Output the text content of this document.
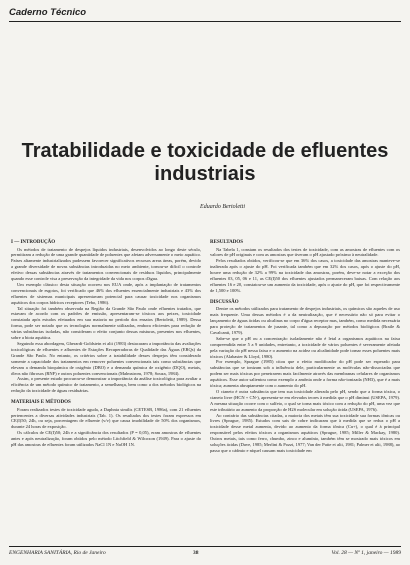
Caderno Técnico
Tratabilidade e toxicidade de efluentes
industriais
Eduardo Bertoletti
I — INTRODUÇÃO

Os métodos de tratamento de despejos líquidos industriais, desenvolvidos ao longo deste século, permitiram a redução de uma grande quantidade de poluentes que afetam adversamente o meio aquático. Países altamente industrializados pudessem favorecer significativos recursos areas áreas, porém, devido a grande diversidade de novas substâncias introduzidas no meio ambiente, tornou-se difícil o controle efetivo dessas substâncias através de tratamentos convencionais de resíduos líquidos, principalmente quando esse controle visa a preservação da integridade da vida nos corpos d'água.

Um exemplo clássico desta situação ocorreu nos EUA onde, após a implantação de tratamentos convencionais de esgotos, foi verificado que 46% dos efluentes essencialmente industriais e 43% dos efluentes de sistemas municipais apresentavam potencial para causar toxicidade nos organismos aquáticos dos corpos hídricos receptores (Tebo, 1986).

Tal situação foi também observada na Região da Grande São Paulo onde efluentes tratados, que estavam de acordo com os padrões de emissão, apresentaram-se tóxicos aos peixes, toxicidade constatada após estudos efetuados em sua maioria no período dos ensaios (Bertoletti, 1989). Dessa forma, pode ser notado que os tecnologias normalmente utilizadas, embora eficientes para redução de várias substâncias isoladas, não consideram o efeito conjunto dessas misturas, presentes nos efluentes, sobre a biota aquática.

Seguindo essa abordagem, Gherardi-Goldstein et alii (1983) destacaram a importância das avaliações toxicológicas de efluentes e afluentes de Estações Recuperadoras de Qualidade das Águas (ERQs) da Grande São Paulo. No entanto, os critérios sobre a tratabilidade desses despejos têm considerado somente a capacidade dos tratamentos em remover poluentes convencionais tais como substâncias que elevam a demanda bioquímica de oxigênio (DBO) e a demanda química de oxigênio (DQO), metais, óleos não fibrosos (RNF) e outros poluentes convencionais (Malmstrom, 1978; Souza, 1984).

Assim, o presente estudo procurou-se demonstrar a importância da análise toxicológica para avaliar a eficiência de um método químico de tratamento, a semelhança, bem como a dos métodos biológicos na redução da toxicidade de águas residuárias.

MATERIAIS E MÉTODOS

Foram realizados testes de toxicidade aguda, a Daphnia similis (CETESB, 1986a), com 21 efluentes pertencentes a diversas atividades industriais (Tab. 1). Os resultados dos testes foram expressos em CE(I)50; 24h, ou seja, porcentagem de efluente (v/v) que causa imobilidade de 50% dos organismos, durante 24 horas de exposição.

Os cálculos de CE(I)50; 24h e a significância dos resultados (P = 0,05), eram amostras de efluentes antes e após neutralização, foram obtidos pelo método Litchfield & Wilcoxon (1949). Para o ajuste do pH das amostras de efluentes foram utilizados NaCl 1N e NaOH 1N.

RESULTADOS

Na Tabela 1, constam os resultados dos testes de toxicidade, com as amostras de efluentes com os valores de pH originais e com as amostras que tiveram o pH ajustado próximo à neutralidade.

Pelos resultados obtidos, verificou-se que em 36% dos casos, a toxicidade das amostras manteve-se inalterada após o ajuste do pH. Foi verificada também que em 32% dos casos, após o ajuste do pH, houve uma redução de 32% a 99% na toxicidade das amostras, porém, deve-se notar a exceção dos efluentes 03, 05, 06 e 11, as CE(I)50 dos efluentes ajustados permaneceram baixas. Com relação aos efluentes 16 e 20, constatou-se um aumento da toxicidade, após o ajuste do pH, que foi respectivamente de 1,500 e 100%.

DISCUSSÃO

Dentre os métodos utilizados para tratamento de despejos industriais, os químicos são aqueles de uso mais frequente. Uma dessas métodos é a da neutralização, que é necessário não só para evitar o lançamento de águas ácidas ou alcalinas no corpo d'água receptor mas, também, como medida necessária para proteção de tratamentos de jusante, tal como a depuração por métodos biológicos (Braile & Cavalcanti, 1979).

Sabe-se que o pH ou a concentração isoladamente não é letal a organismos aquáticos na faixa compreendida entre 5 a 9 unidades, entretanto, a toxicidade de vários poluentes é severamente afetada pela variação do pH nessa faixa e o aumento na acidez ou alcalinidade pode tornar esses poluentes mais tóxicos (Alabaster & Lloyd, 1980).

Por exemplo, Sprague (1985) citou que o efeito modificador do pH pode ser esperado para substâncias que se ionizam sob a influência dele, particularmente as moléculas não-dissociadas que podem ser mais tóxicas por penetrarem mais facilmente através das membranas celulares de organismos aquáticos. Esse autor salientou como exemplo a amônia onde a forma não-ionizada (NH3), que é a mais tóxica; aumenta abruptamente com o aumento do pH.

O cianeto é outra substância que tem sua toxicidade alterada pelo pH, sendo que a forma tóxica, o cianeto livre (HCN + CN-), apresenta-se em elevados teores à medida que o pH diminui (USEPA, 1979). A mesma situação ocorre com o sulfeto, o qual se torna mais tóxico com a redução do pH, uma vez que este tributário ao aumento da proporção de H2S molecular em solução ácida (USEPA, 1976).

Ao contrário das substâncias citadas, a maioria dos metais têm sua toxicidade sua formas iônicas ou livres (Sprague, 1985). Estudos com sais de cobre indicaram que à medida que se reduz o pH a toxicidade desse metal aumenta, devido ao aumento da forma iônica (Cu+), o qual é à principal responsável pelos efeitos tóxicos a organismos aquáticos (Sprague, 1985; Miller & Mackay, 1980). Outros metais, tais como ferro, chumbo, zinco e alumínio, também têm se mostrado mais tóxicos em soluções ácidas (Dave, 1985; Merlini & Pozzi, 1977; Van der Putte et alii, 1981; Palmer et alii, 1988), ao passo que o cádmio e níquel causam mais toxicidade em

ENGENHARIA SANITÁRIA, Rio de Janeiro	38	Vol. 28 — Nº 1, janeiro — 1989
